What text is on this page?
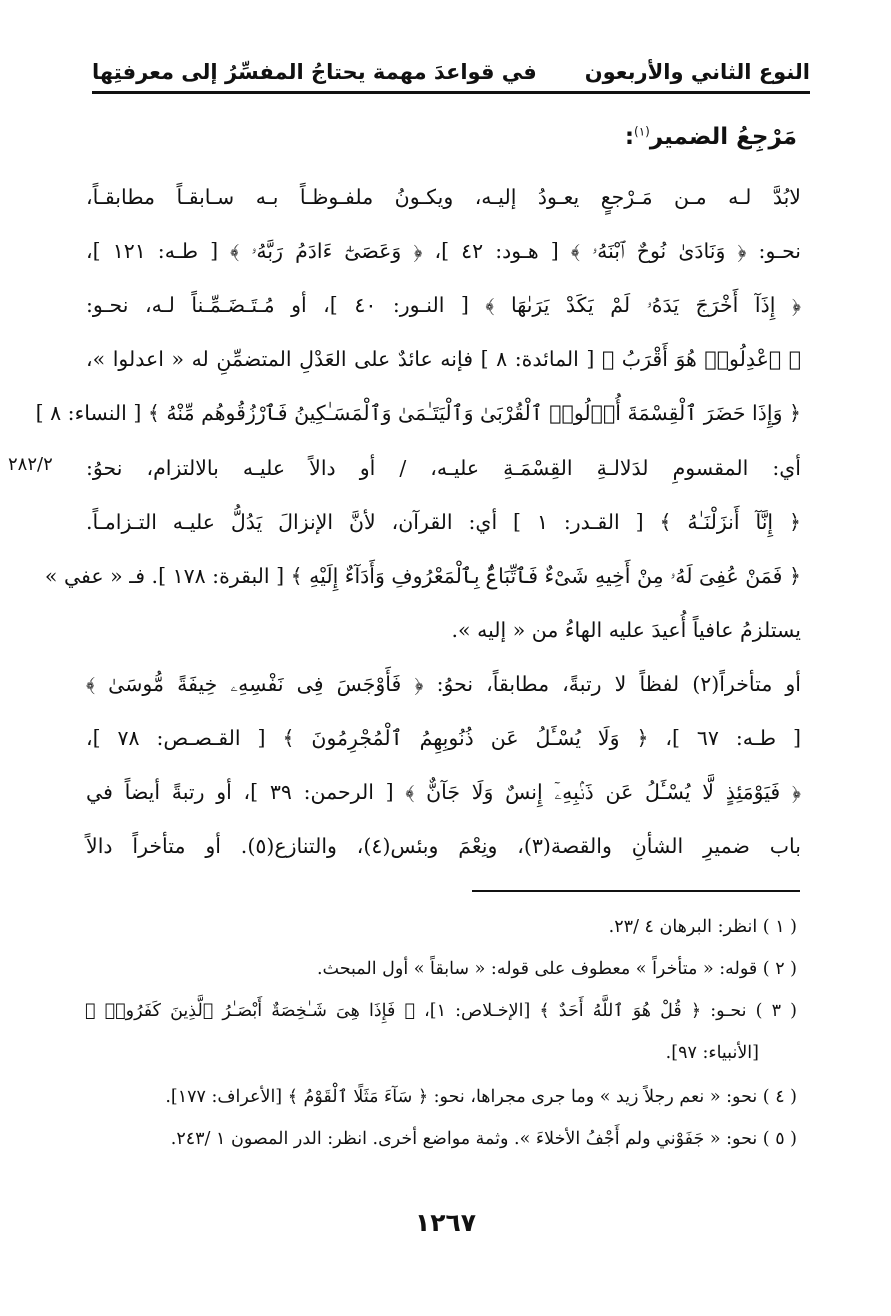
النوع الثاني والأربعون
في قواعدَ مهمة يحتاجُ المفسِّرُ إلى معرفتِها
مَرْجِعُ الضمير$^{(١)}$:
لابُدَّ لـه مـن مَـرْجعٍ يعـودُ إليـه، ويكـونُ ملفـوظـاً بـه سـابقـاً مطابقـاً،
نحـو: ﴿ وَنَادَىٰ نُوحٌ ٱبْنَهُۥ ﴾ [ هـود: ٤٢ ]، ﴿ وَعَصَىٰٓ ءَادَمُ رَبَّهُۥ ﴾ [ طـه: ١٢١ ]،
﴿ إِذَآ أَخْرَجَ يَدَهُۥ لَمْ يَكَدْ يَرَىٰهَا ﴾ [ النـور: ٤٠ ]، أو مُـتَـضَـمِّـناً لـه، نحـو:
﴿ ٱعْدِلُوا۟ هُوَ أَقْرَبُ ﴾ [ المائدة: ٨ ] فإنه عائدٌ على العَدْلِ المتضمِّنِ له « اعدلوا »،
﴿ وَإِذَا حَضَرَ ٱلْقِسْمَةَ أُو۟لُوا۟ ٱلْقُرْبَىٰ وَٱلْيَتَـٰمَىٰ وَٱلْمَسَـٰكِينُ فَٱرْزُقُوهُم مِّنْهُ ﴾ [ النساء: ٨ ]
أي: المقسومِ لدَلالـةِ القِسْمَـةِ عليـه، / أو دالاً عليـه بالالتزام، نحوُ:
٢٨٢/٢
﴿ إِنَّآ أَنزَلْنَـٰهُ ﴾ [ القـدر: ١ ] أي: القرآن، لأنَّ الإنزالَ يَدُلُّ عليـه التـزامـاً.
﴿ فَمَنْ عُفِىَ لَهُۥ مِنْ أَخِيهِ شَىْءٌ فَٱتِّبَاعٌۢ بِٱلْمَعْرُوفِ وَأَدَآءٌ إِلَيْهِ ﴾ [ البقرة: ١٧٨ ]. فـ « عفي »
يستلزمُ عافياً أُعيدَ عليه الهاءُ من « إليه ».
أو متأخراً(٢) لفظاً لا رتبةً، مطابقاً، نحوُ: ﴿ فَأَوْجَسَ فِى نَفْسِهِۦ خِيفَةً مُّوسَىٰ ﴾
[ طـه: ٦٧ ]، ﴿ وَلَا يُسْـَٔلُ عَن ذُنُوبِهِمُ ٱلْمُجْرِمُونَ ﴾ [ القـصـص: ٧٨ ]،
﴿ فَيَوْمَئِذٍ لَّا يُسْـَٔلُ عَن ذَنۢبِهِۦٓ إِنسٌ وَلَا جَآنٌّ ﴾ [ الرحمن: ٣٩ ]، أو رتبةً أيضاً في
باب ضميرِ الشأنِ والقصة(٣)، ونِعْمَ وبئس(٤)، والتنازع(٥). أو متأخراً دالاً
( ١ ) انظر: البرهان ٤ /٢٣.
( ٢ ) قوله: « متأخراً » معطوف على قوله: « سابقاً » أول المبحث.
( ٣ ) نحـو: ﴿ قُلْ هُوَ ٱللَّهُ أَحَدٌ ﴾ [الإخـلاص: ١]، ﴿ فَإِذَا هِىَ شَـٰخِصَةٌ أَبْصَـٰرُ ٱلَّذِينَ كَفَرُوا۟ ﴾
[الأنبياء: ٩٧].
( ٤ ) نحو: « نعم رجلاً زيد » وما جرى مجراها، نحو: ﴿ سَآءَ مَثَلًا ٱلْقَوْمُ ﴾ [الأعراف: ١٧٧].
( ٥ ) نحو: « جَفَوْني ولم أَجْفُ الأخلاءَ ». وثمة مواضع أخرى. انظر: الدر المصون ١ /٢٤٣.
١٢٦٧
